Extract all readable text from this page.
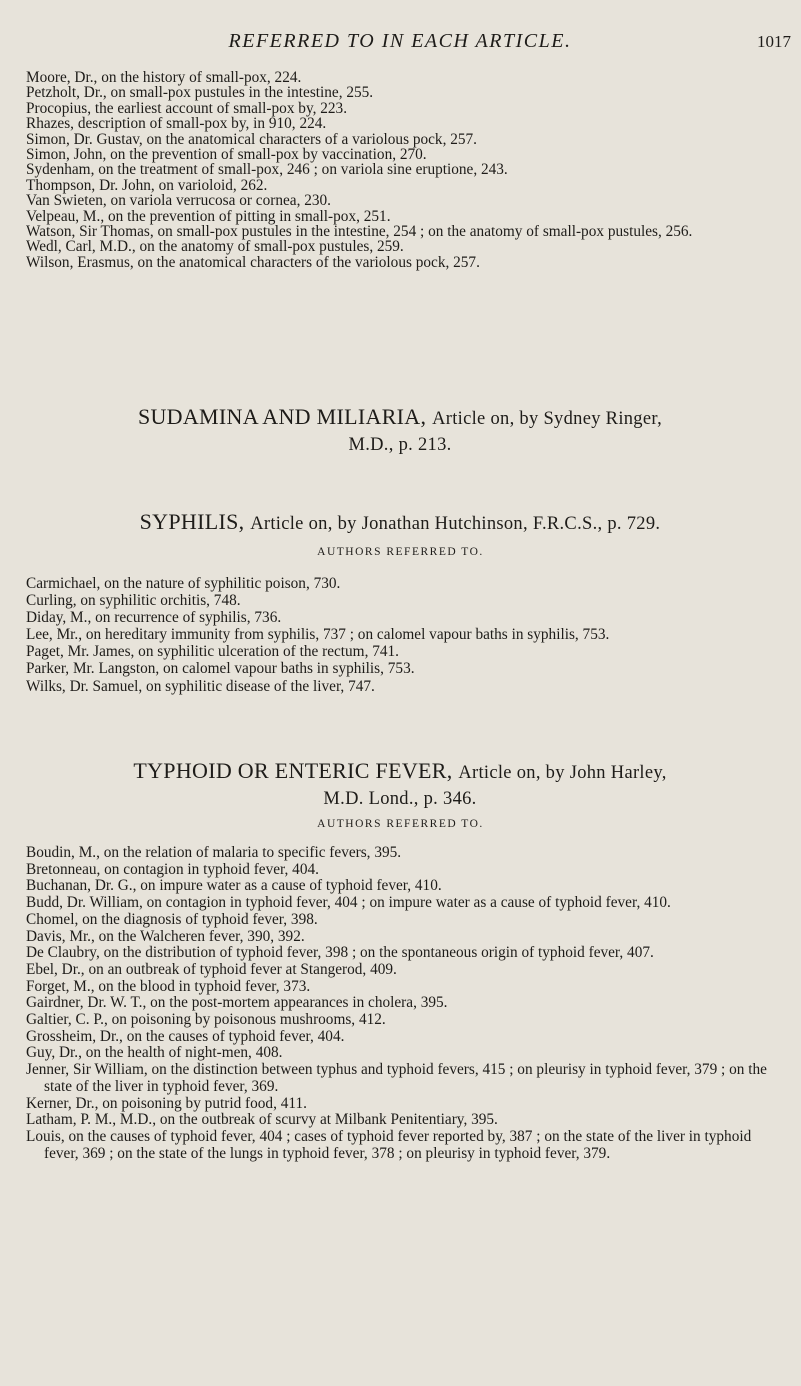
REFERRED TO IN EACH ARTICLE.	1017
Moore, Dr., on the history of small-pox, 224.
Petzholt, Dr., on small-pox pustules in the intestine, 255.
Procopius, the earliest account of small-pox by, 223.
Rhazes, description of small-pox by, in 910, 224.
Simon, Dr. Gustav, on the anatomical characters of a variolous pock, 257.
Simon, John, on the prevention of small-pox by vaccination, 270.
Sydenham, on the treatment of small-pox, 246 ; on variola sine eruptione, 243.
Thompson, Dr. John, on varioloid, 262.
Van Swieten, on variola verrucosa or cornea, 230.
Velpeau, M., on the prevention of pitting in small-pox, 251.
Watson, Sir Thomas, on small-pox pustules in the intestine, 254 ; on the anatomy of small-pox pustules, 256.
Wedl, Carl, M.D., on the anatomy of small-pox pustules, 259.
Wilson, Erasmus, on the anatomical characters of the variolous pock, 257.
SUDAMINA AND MILIARIA, Article on, by Sydney Ringer,
M.D., p. 213.
SYPHILIS, Article on, by Jonathan Hutchinson, F.R.C.S., p. 729.
AUTHORS REFERRED TO.
Carmichael, on the nature of syphilitic poison, 730.
Curling, on syphilitic orchitis, 748.
Diday, M., on recurrence of syphilis, 736.
Lee, Mr., on hereditary immunity from syphilis, 737 ; on calomel vapour baths in syphilis, 753.
Paget, Mr. James, on syphilitic ulceration of the rectum, 741.
Parker, Mr. Langston, on calomel vapour baths in syphilis, 753.
Wilks, Dr. Samuel, on syphilitic disease of the liver, 747.
TYPHOID OR ENTERIC FEVER, Article on, by John Harley,
M.D. Lond., p. 346.
AUTHORS REFERRED TO.
Boudin, M., on the relation of malaria to specific fevers, 395.
Bretonneau, on contagion in typhoid fever, 404.
Buchanan, Dr. G., on impure water as a cause of typhoid fever, 410.
Budd, Dr. William, on contagion in typhoid fever, 404 ; on impure water as a cause of typhoid fever, 410.
Chomel, on the diagnosis of typhoid fever, 398.
Davis, Mr., on the Walcheren fever, 390, 392.
De Claubry, on the distribution of typhoid fever, 398 ; on the spontaneous origin of typhoid fever, 407.
Ebel, Dr., on an outbreak of typhoid fever at Stangerod, 409.
Forget, M., on the blood in typhoid fever, 373.
Gairdner, Dr. W. T., on the post-mortem appearances in cholera, 395.
Galtier, C. P., on poisoning by poisonous mushrooms, 412.
Grossheim, Dr., on the causes of typhoid fever, 404.
Guy, Dr., on the health of night-men, 408.
Jenner, Sir William, on the distinction between typhus and typhoid fevers, 415 ; on pleurisy in typhoid fever, 379 ; on the state of the liver in typhoid fever, 369.
Kerner, Dr., on poisoning by putrid food, 411.
Latham, P. M., M.D., on the outbreak of scurvy at Milbank Penitentiary, 395.
Louis, on the causes of typhoid fever, 404 ; cases of typhoid fever reported by, 387 ; on the state of the liver in typhoid fever, 369 ; on the state of the lungs in typhoid fever, 378 ; on pleurisy in typhoid fever, 379.
